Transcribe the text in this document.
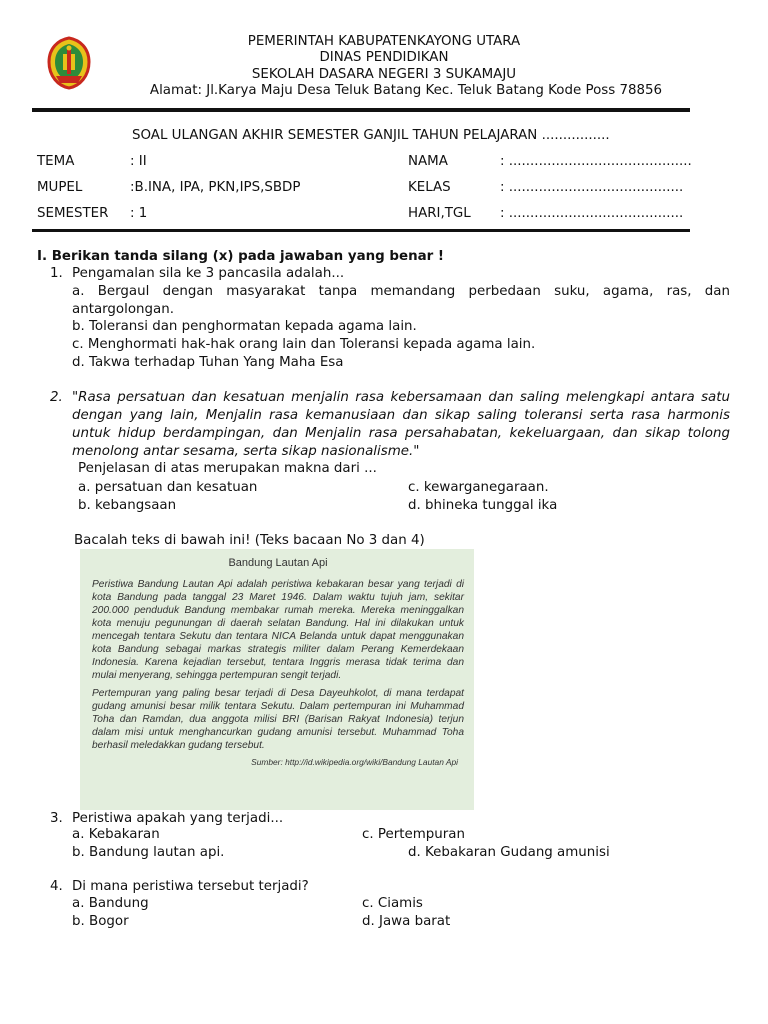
PEMERINTAH KABUPATENKAYONG UTARA
DINAS PENDIDIKAN
SEKOLAH DASARA NEGERI 3 SUKAMAJU
Alamat: Jl.Karya Maju Desa Teluk Batang Kec. Teluk Batang Kode Poss 78856
SOAL ULANGAN AKHIR SEMESTER GANJIL TAHUN PELAJARAN ................
TEMA	: II	NAMA	: ...........................................
MUPEL	:B.INA, IPA, PKN,IPS,SBDP	KELAS	: .........................................
SEMESTER : 1	HARI,TGL : .........................................
I. Berikan tanda silang (x) pada jawaban yang benar !
1. Pengamalan sila ke 3 pancasila adalah...
a. Bergaul dengan masyarakat tanpa memandang perbedaan suku, agama, ras, dan antargolongan.
b. Toleransi dan penghormatan kepada agama lain.
c. Menghormati hak-hak orang lain dan Toleransi kepada agama lain.
d. Takwa terhadap Tuhan Yang Maha Esa
2. "Rasa persatuan dan kesatuan menjalin rasa kebersamaan dan saling melengkapi antara satu dengan yang lain, Menjalin rasa kemanusiaan dan sikap saling toleransi serta rasa harmonis untuk hidup berdampingan, dan Menjalin rasa persahabatan, kekeluargaan, dan sikap tolong menolong antar sesama, serta sikap nasionalisme."
Penjelasan di atas merupakan makna dari ...
a. persatuan dan kesatuan
b. kebangsaan
c. kewarganegaraan.
d. bhineka tunggal ika
Bacalah teks di bawah ini! (Teks bacaan No 3 dan 4)
Bandung Lautan Api

Peristiwa Bandung Lautan Api adalah peristiwa kebakaran besar yang terjadi di kota Bandung pada tanggal 23 Maret 1946. Dalam waktu tujuh jam, sekitar 200.000 penduduk Bandung membakar rumah mereka. Mereka meninggalkan kota menuju pegunungan di daerah selatan Bandung. Hal ini dilakukan untuk mencegah tentara Sekutu dan tentara NICA Belanda untuk dapat menggunakan kota Bandung sebagai markas strategis militer dalam Perang Kemerdekaan Indonesia. Karena kejadian tersebut, tentara Inggris merasa tidak terima dan mulai menyerang, sehingga pertempuran sengit terjadi.

Pertempuran yang paling besar terjadi di Desa Dayeuhkolot, di mana terdapat gudang amunisi besar milik tentara Sekutu. Dalam pertempuran ini Muhammad Toha dan Ramdan, dua anggota milisi BRI (Barisan Rakyat Indonesia) terjun dalam misi untuk menghancurkan gudang amunisi tersebut. Muhammad Toha berhasil meledakkan gudang tersebut.

Sumber: http://id.wikipedia.org/wiki/Bandung Lautan Api
3. Peristiwa apakah yang terjadi...
a. Kebakaran
b. Bandung lautan api.
c. Pertempuran
d. Kebakaran Gudang amunisi
4. Di mana peristiwa tersebut terjadi?
a. Bandung
b. Bogor
c. Ciamis
d. Jawa barat
